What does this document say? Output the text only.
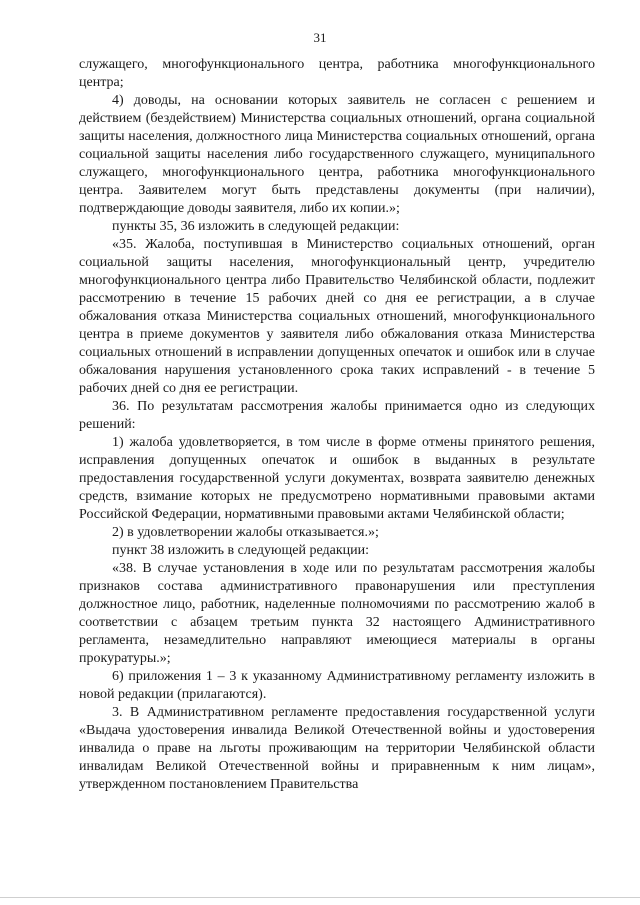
31

служащего, многофункционального центра, работника многофункционального центра;

4) доводы, на основании которых заявитель не согласен с решением и действием (бездействием) Министерства социальных отношений, органа социальной защиты населения, должностного лица Министерства социальных отношений, органа социальной защиты населения либо государственного служащего, муниципального служащего, многофункционального центра, работника многофункционального центра. Заявителем могут быть представлены документы (при наличии), подтверждающие доводы заявителя, либо их копии.»;

пункты 35, 36 изложить в следующей редакции:

«35. Жалоба, поступившая в Министерство социальных отношений, орган социальной защиты населения, многофункциональный центр, учредителю многофункционального центра либо Правительство Челябинской области, подлежит рассмотрению в течение 15 рабочих дней со дня ее регистрации, а в случае обжалования отказа Министерства социальных отношений, многофункционального центра в приеме документов у заявителя либо обжалования отказа Министерства социальных отношений в исправлении допущенных опечаток и ошибок или в случае обжалования нарушения установленного срока таких исправлений - в течение 5 рабочих дней со дня ее регистрации.

36. По результатам рассмотрения жалобы принимается одно из следующих решений:

1) жалоба удовлетворяется, в том числе в форме отмены принятого решения, исправления допущенных опечаток и ошибок в выданных в результате предоставления государственной услуги документах, возврата заявителю денежных средств, взимание которых не предусмотрено нормативными правовыми актами Российской Федерации, нормативными правовыми актами Челябинской области;

2) в удовлетворении жалобы отказывается.»;

пункт 38 изложить в следующей редакции:

«38. В случае установления в ходе или по результатам рассмотрения жалобы признаков состава административного правонарушения или преступления должностное лицо, работник, наделенные полномочиями по рассмотрению жалоб в соответствии с абзацем третьим пункта 32 настоящего Административного регламента, незамедлительно направляют имеющиеся материалы в органы прокуратуры.»;

6) приложения 1 – 3 к указанному Административному регламенту изложить в новой редакции (прилагаются).

3. В Административном регламенте предоставления государственной услуги «Выдача удостоверения инвалида Великой Отечественной войны и удостоверения инвалида о праве на льготы проживающим на территории Челябинской области инвалидам Великой Отечественной войны и приравненным к ним лицам», утвержденном постановлением Правительства
